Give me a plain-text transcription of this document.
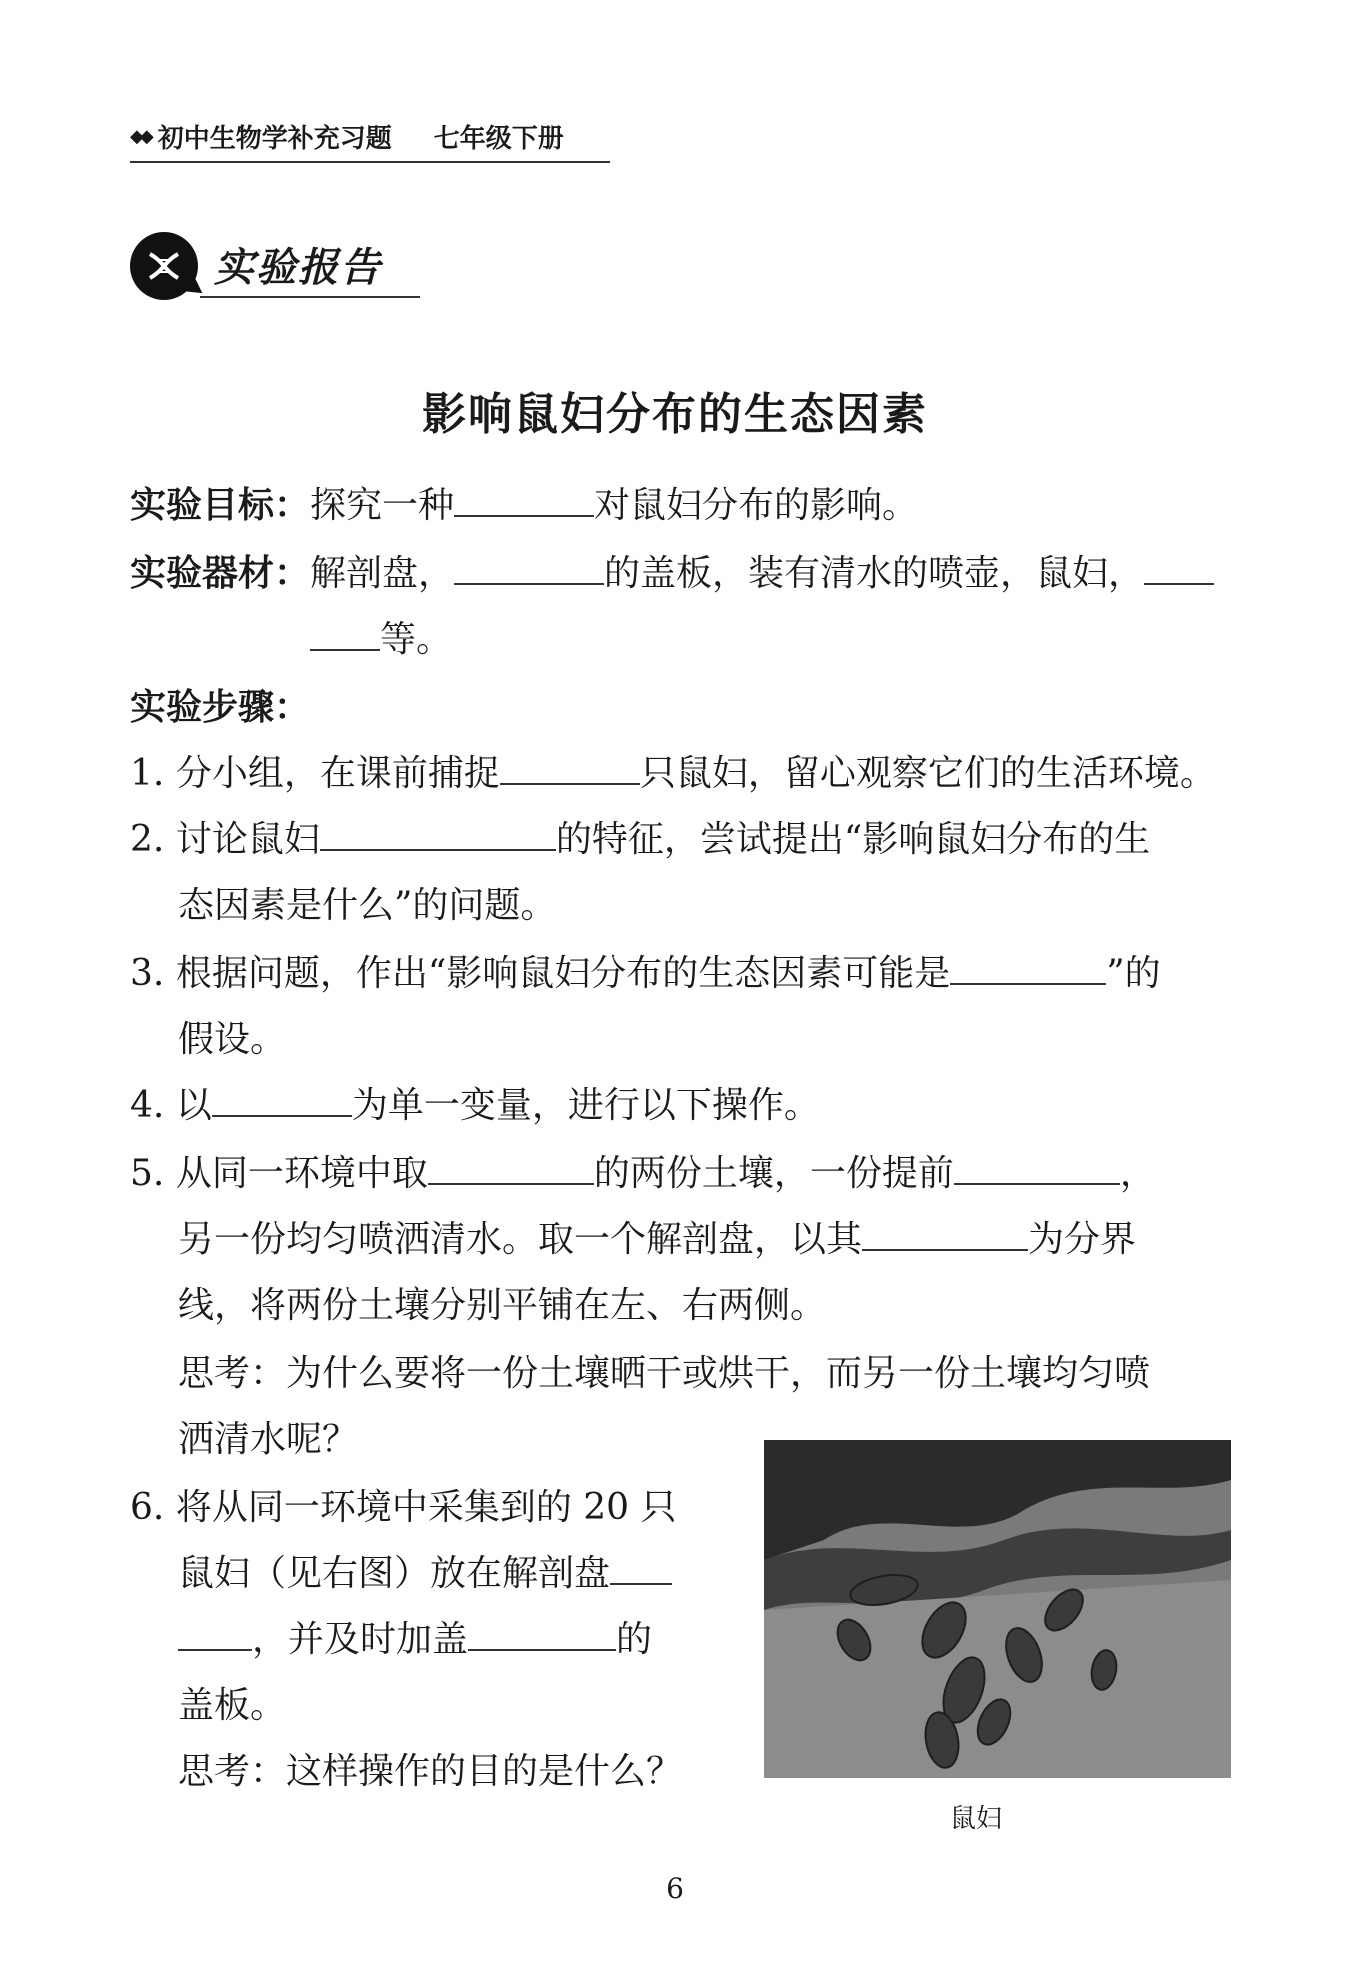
◆◆ 初中生物学补充习题 七年级下册
实验报告
影响鼠妇分布的生态因素
实验目标：探究一种	对鼠妇分布的影响。
实验器材：解剖盘，	的盖板，装有清水的喷壶，鼠妇，
等。
实验步骤：
1. 分小组，在课前捕捉	只鼠妇，留心观察它们的生活环境。
2. 讨论鼠妇	的特征，尝试提出“影响鼠妇分布的生
态因素是什么”的问题。
3. 根据问题，作出“影响鼠妇分布的生态因素可能是	”的
假设。
4. 以	为单一变量，进行以下操作。
5. 从同一环境中取	的两份土壤，一份提前	，
另一份均匀喷洒清水。取一个解剖盘，以其	为分界
线，将两份土壤分别平铺在左、右两侧。
思考：为什么要将一份土壤晒干或烘干，而另一份土壤均匀喷
洒清水呢？
6. 将从同一环境中采集到的 20 只
鼠妇（见右图）放在解剖盘
，并及时加盖	的
盖板。
思考：这样操作的目的是什么？
鼠妇
6
